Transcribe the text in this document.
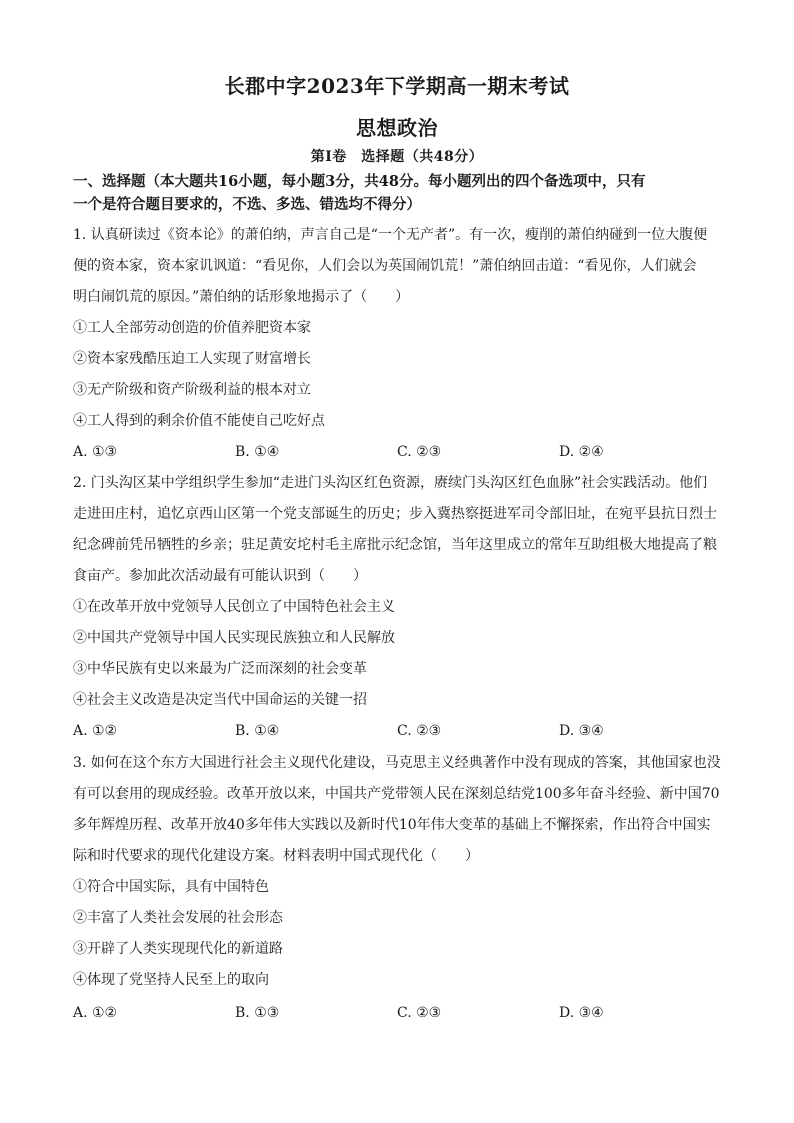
长郡中字2023年下学期高一期末考试
思想政治
第Ⅰ卷　选择题（共48分）
一、选择题（本大题共16小题，每小题3分，共48分。每小题列出的四个备选项中，只有
一个是符合题目要求的，不选、多选、错选均不得分）
1. 认真研读过《资本论》的萧伯纳，声言自己是“一个无产者”。有一次，瘦削的萧伯纳碰到一位大腹便
便的资本家，资本家讥讽道：“看见你，人们会以为英国闹饥荒！”萧伯纳回击道：“看见你，人们就会
明白闹饥荒的原因。”萧伯纳的话形象地揭示了（　　）
①工人全部劳动创造的价值养肥资本家
②资本家残酷压迫工人实现了财富增长
③无产阶级和资产阶级利益的根本对立
④工人得到的剩余价值不能使自己吃好点
A. ①③	B. ①④	C. ②③	D. ②④
2. 门头沟区某中学组织学生参加“走进门头沟区红色资源，赓续门头沟区红色血脉”社会实践活动。他们
走进田庄村，追忆京西山区第一个党支部诞生的历史；步入冀热察挺进军司令部旧址，在宛平县抗日烈士
纪念碑前凭吊牺牲的乡亲；驻足黄安坨村毛主席批示纪念馆，当年这里成立的常年互助组极大地提高了粮
食亩产。参加此次活动最有可能认识到（　　）
①在改革开放中党领导人民创立了中国特色社会主义
②中国共产党领导中国人民实现民族独立和人民解放
③中华民族有史以来最为广泛而深刻的社会变革
④社会主义改造是决定当代中国命运的关键一招
A. ①②	B. ①④	C. ②③	D. ③④
3. 如何在这个东方大国进行社会主义现代化建设，马克思主义经典著作中没有现成的答案，其他国家也没
有可以套用的现成经验。改革开放以来，中国共产党带领人民在深刻总结党100多年奋斗经验、新中国70
多年辉煌历程、改革开放40多年伟大实践以及新时代10年伟大变革的基础上不懈探索，作出符合中国实
际和时代要求的现代化建设方案。材料表明中国式现代化（　　）
①符合中国实际，具有中国特色
②丰富了人类社会发展的社会形态
③开辟了人类实现现代化的新道路
④体现了党坚持人民至上的取向
A. ①②	B. ①③	C. ②③	D. ③④
